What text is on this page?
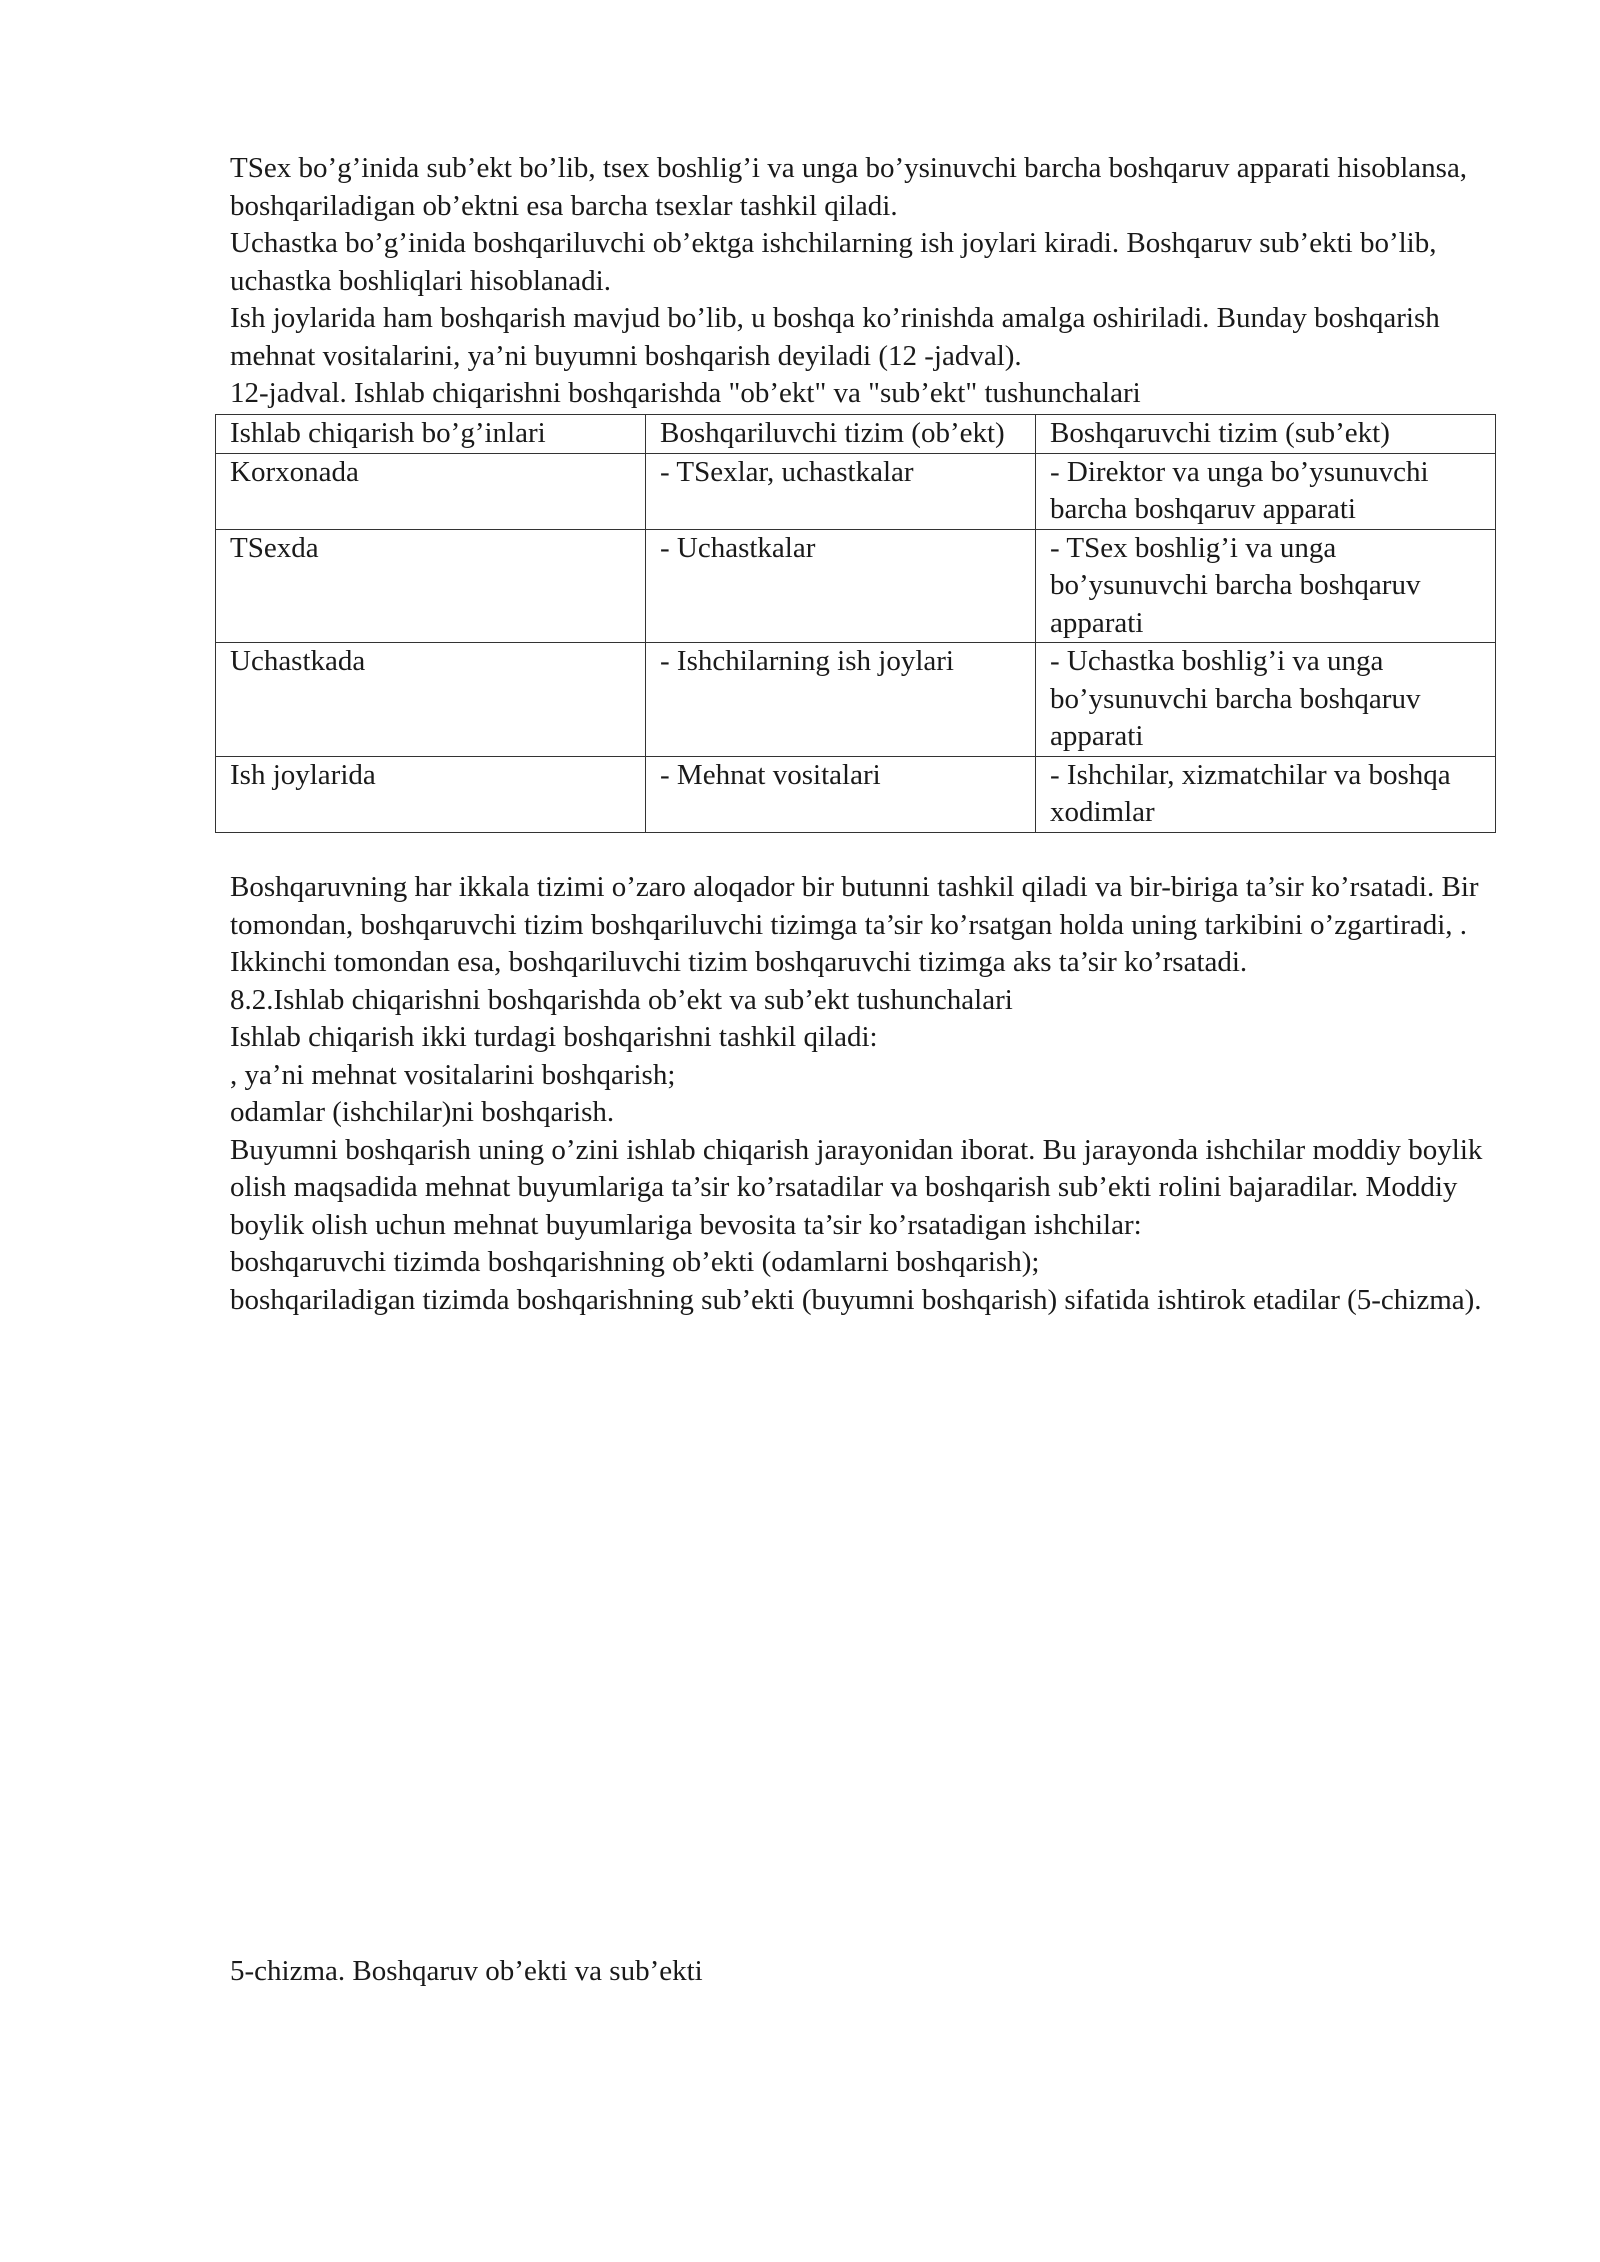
TSex bo’g’inida sub’ekt bo’lib, tsex boshlig’i va unga bo’ysinuvchi barcha boshqaruv apparati hisoblansa, boshqariladigan ob’ektni esa barcha tsexlar tashkil qiladi.

Uchastka bo’g’inida boshqariluvchi ob’ektga ishchilarning ish joylari kiradi. Boshqaruv sub’ekti bo’lib, uchastka boshliqlari hisoblanadi.

Ish joylarida ham boshqarish mavjud bo’lib, u boshqa ko’rinishda amalga oshiriladi. Bunday boshqarish mehnat vositalarini, ya’ni buyumni boshqarish deyiladi (12 -jadval).

12-jadval. Ishlab chiqarishni boshqarishda "ob’ekt" va "sub’ekt" tushunchalari

Ishlab chiqarish bo’g’inlari	Boshqariluvchi tizim (ob’ekt)	Boshqaruvchi tizim (sub’ekt)
Korxonada	- TSexlar, uchastkalar	- Direktor va unga bo’ysunuvchi barcha boshqaruv apparati
TSexda	- Uchastkalar	- TSex boshlig’i va unga bo’ysunuvchi barcha boshqaruv apparati
Uchastkada	- Ishchilarning ish joylari	- Uchastka boshlig’i va unga bo’ysunuvchi barcha boshqaruv apparati
Ish joylarida	- Mehnat vositalari	- Ishchilar, xizmatchilar va boshqa xodimlar

Boshqaruvning har ikkala tizimi o’zaro aloqador bir butunni tashkil qiladi va bir-biriga ta’sir ko’rsatadi. Bir tomondan, boshqaruvchi tizim boshqariluvchi tizimga ta’sir ko’rsatgan holda uning tarkibini o’zgartiradi, . Ikkinchi tomondan esa, boshqariluvchi tizim boshqaruvchi tizimga aks ta’sir ko’rsatadi.

8.2.Ishlab chiqarishni boshqarishda ob’ekt va sub’ekt tushunchalari

Ishlab chiqarish ikki turdagi boshqarishni tashkil qiladi:

, ya’ni mehnat vositalarini boshqarish;

odamlar (ishchilar)ni boshqarish.

Buyumni boshqarish uning o’zini ishlab chiqarish jarayonidan iborat. Bu jarayonda ishchilar moddiy boylik olish maqsadida mehnat buyumlariga ta’sir ko’rsatadilar va boshqarish sub’ekti rolini bajaradilar. Moddiy boylik olish uchun mehnat buyumlariga bevosita ta’sir ko’rsatadigan ishchilar:

boshqaruvchi tizimda boshqarishning ob’ekti (odamlarni boshqarish);

boshqariladigan tizimda boshqarishning sub’ekti (buyumni boshqarish) sifatida ishtirok etadilar (5-chizma).

5-chizma. Boshqaruv ob’ekti va sub’ekti
